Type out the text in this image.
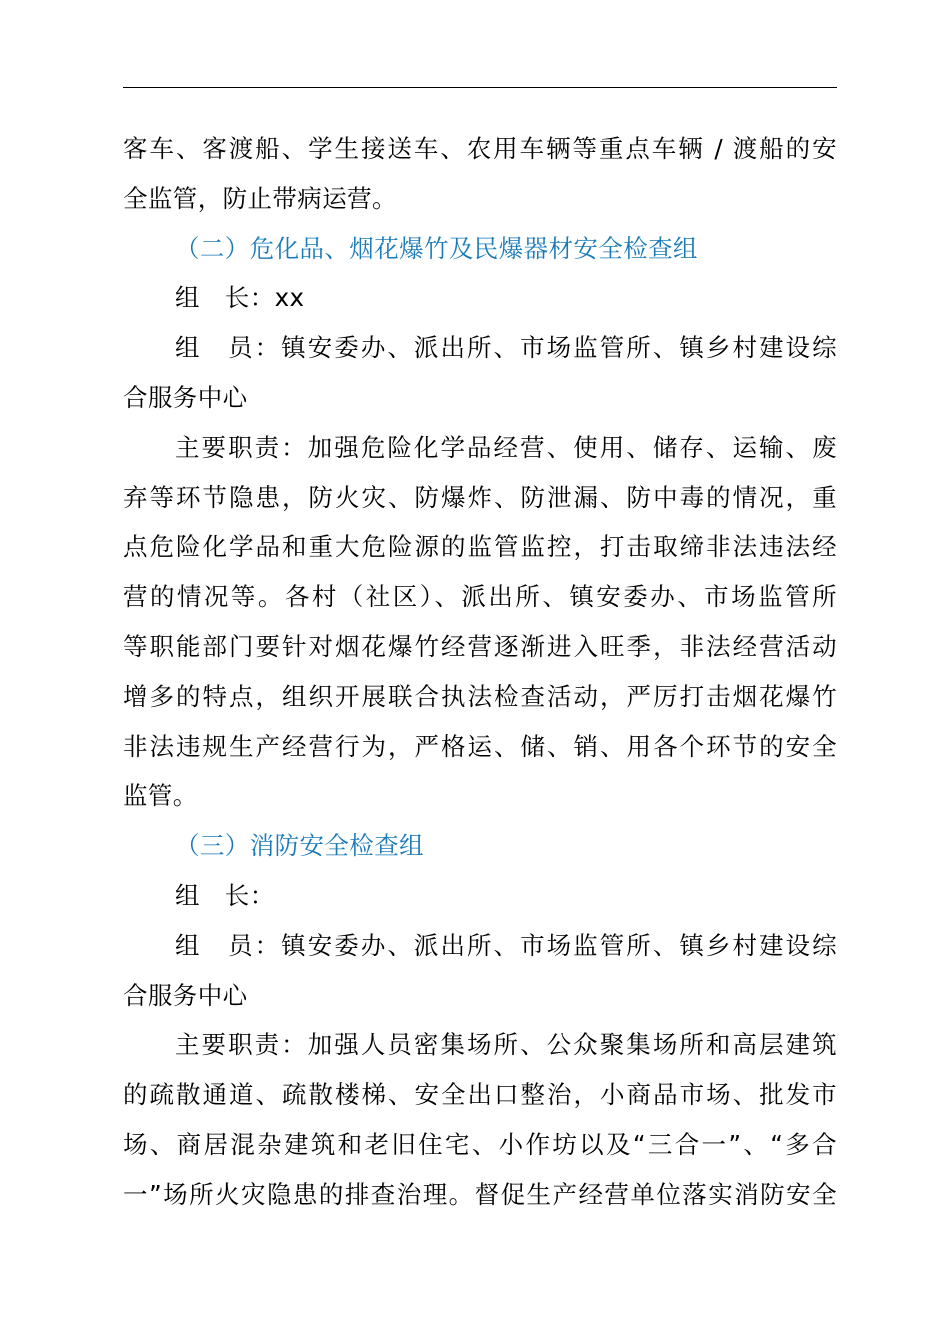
客车、客渡船、学生接送车、农用车辆等重点车辆 / 渡船的安
全监管，防止带病运营。
（二）危化品、烟花爆竹及民爆器材安全检查组
组　长：xx
组　员：镇安委办、派出所、市场监管所、镇乡村建设综
合服务中心
主要职责：加强危险化学品经营、使用、储存、运输、废
弃等环节隐患，防火灾、防爆炸、防泄漏、防中毒的情况，重
点危险化学品和重大危险源的监管监控，打击取缔非法违法经
营的情况等。各村（社区）、派出所、镇安委办、市场监管所
等职能部门要针对烟花爆竹经营逐渐进入旺季，非法经营活动
增多的特点，组织开展联合执法检查活动，严厉打击烟花爆竹
非法违规生产经营行为，严格运、储、销、用各个环节的安全
监管。
（三）消防安全检查组
组　长：
组　员：镇安委办、派出所、市场监管所、镇乡村建设综
合服务中心
主要职责：加强人员密集场所、公众聚集场所和高层建筑
的疏散通道、疏散楼梯、安全出口整治，小商品市场、批发市
场、商居混杂建筑和老旧住宅、小作坊以及“三合一”、“多合
一”场所火灾隐患的排查治理。督促生产经营单位落实消防安全
